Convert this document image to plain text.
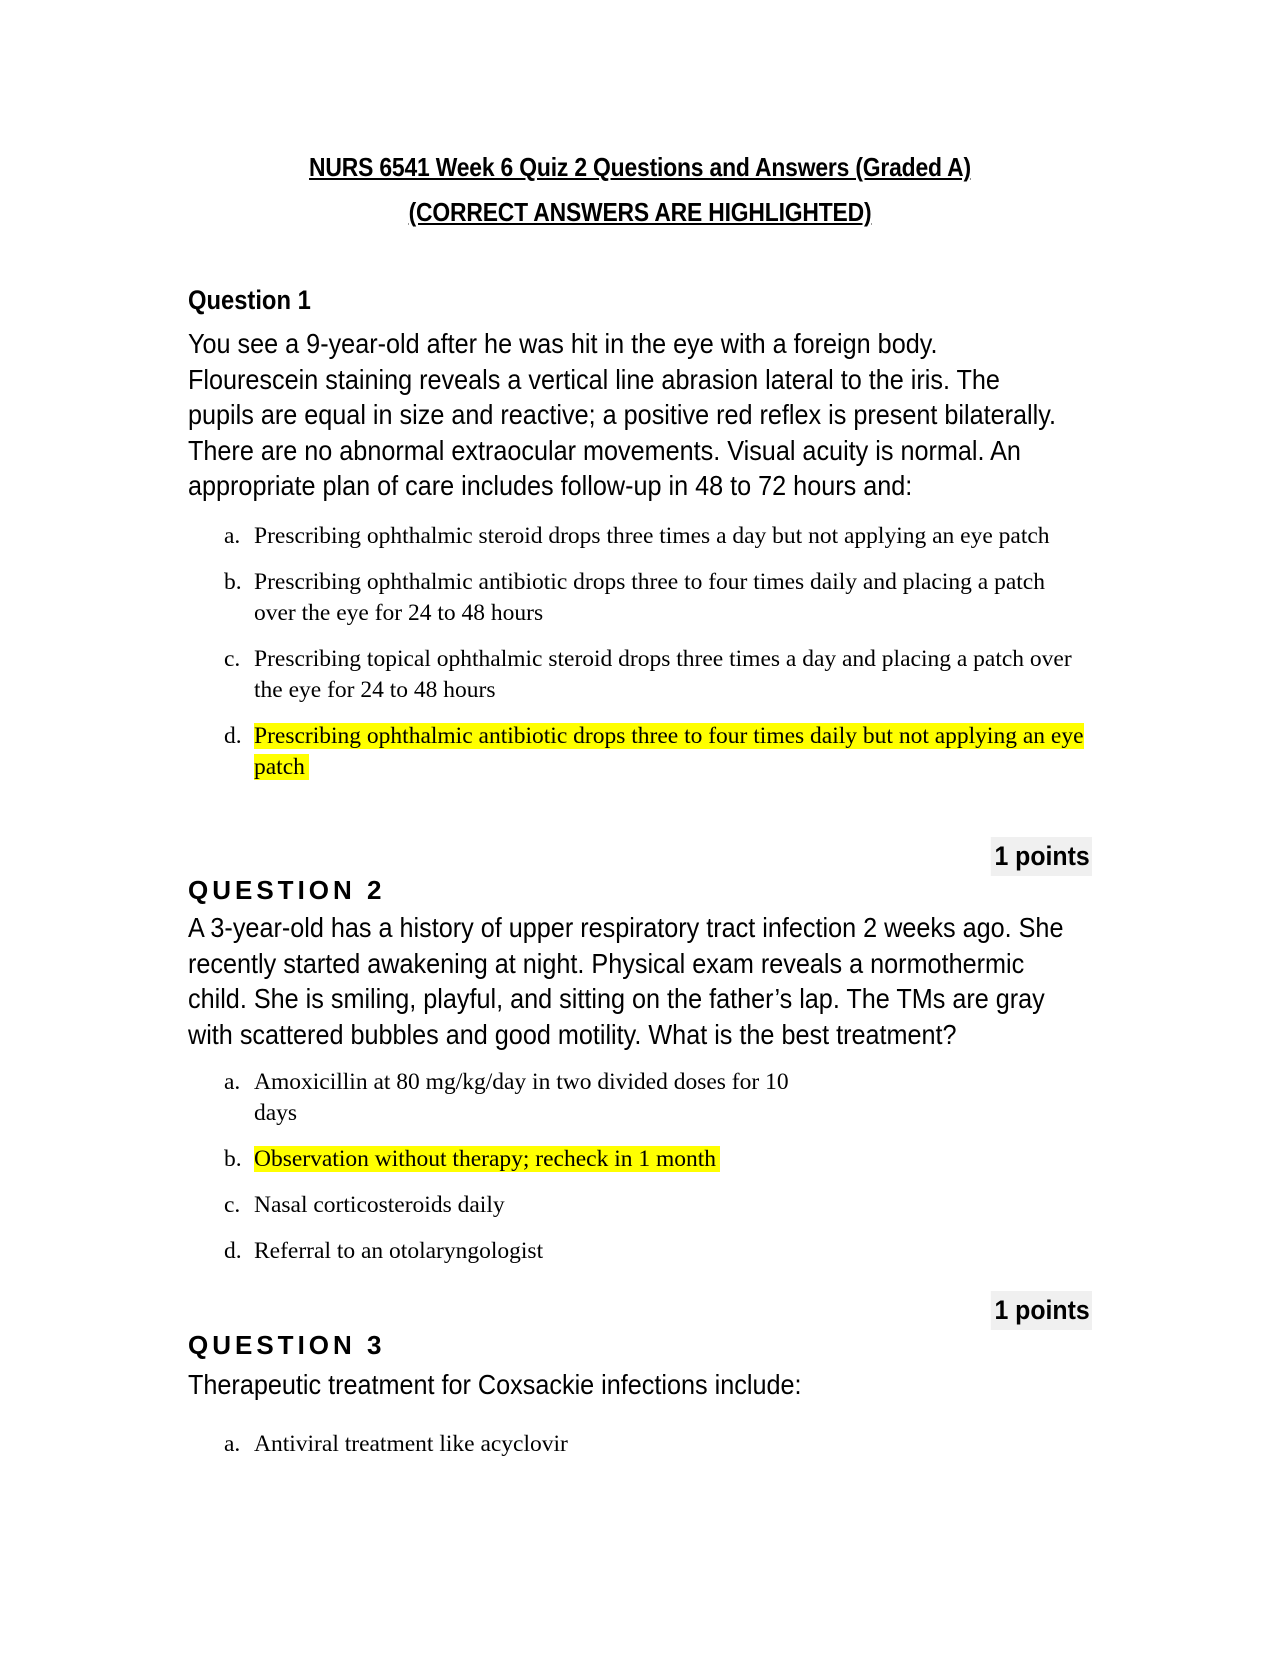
NURS 6541 Week 6 Quiz 2 Questions and Answers (Graded A)
(CORRECT ANSWERS ARE HIGHLIGHTED)
Question 1
You see a 9-year-old after he was hit in the eye with a foreign body. Flourescein staining reveals a vertical line abrasion lateral to the iris. The pupils are equal in size and reactive; a positive red reflex is present bilaterally. There are no abnormal extraocular movements. Visual acuity is normal. An appropriate plan of care includes follow-up in 48 to 72 hours and:
a. Prescribing ophthalmic steroid drops three times a day but not applying an eye patch
b. Prescribing ophthalmic antibiotic drops three to four times daily and placing a patch over the eye for 24 to 48 hours
c. Prescribing topical ophthalmic steroid drops three times a day and placing a patch over the eye for 24 to 48 hours
d. Prescribing ophthalmic antibiotic drops three to four times daily but not applying an eye patch
1 points
QUESTION 2
A 3-year-old has a history of upper respiratory tract infection 2 weeks ago. She recently started awakening at night. Physical exam reveals a normothermic child. She is smiling, playful, and sitting on the father’s lap. The TMs are gray with scattered bubbles and good motility. What is the best treatment?
a. Amoxicillin at 80 mg/kg/day in two divided doses for 10 days
b. Observation without therapy; recheck in 1 month
c. Nasal corticosteroids daily
d. Referral to an otolaryngologist
1 points
QUESTION 3
Therapeutic treatment for Coxsackie infections include:
a. Antiviral treatment like acyclovir
